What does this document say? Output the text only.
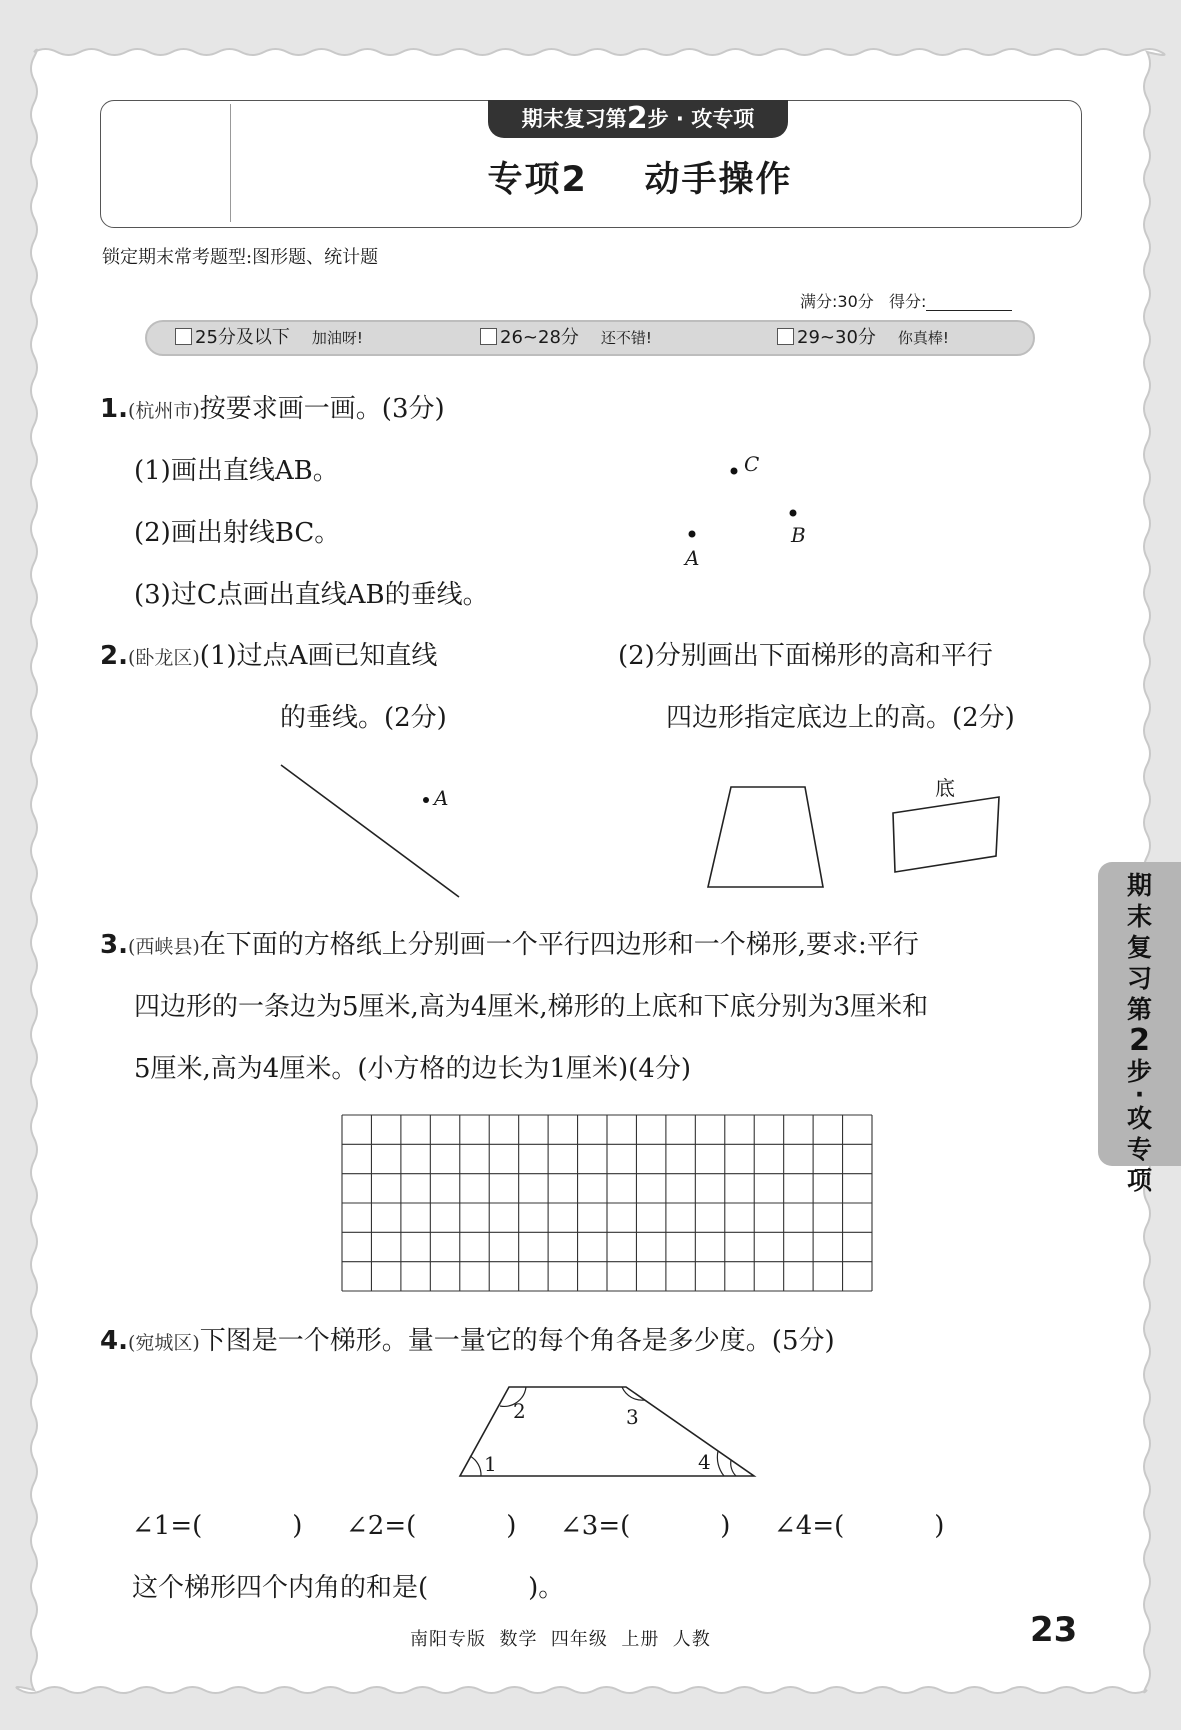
期末复习第2步 · 攻专项
专项2    动手操作
锁定期末常考题型:图形题、统计题
满分:30分 得分:
25分及以下 加油呀!	26~28分 还不错!	29~30分 你真棒!
1.(杭州市)按要求画一画。(3分)
(1)画出直线AB。
(2)画出射线BC。
(3)过C点画出直线AB的垂线。
C
B
A
2.(卧龙区)(1)过点A画已知直线
的垂线。(2分)
(2)分别画出下面梯形的高和平行
四边形指定底边上的高。(2分)
A	底
3.(西峡县)在下面的方格纸上分别画一个平行四边形和一个梯形,要求:平行
四边形的一条边为5厘米,高为4厘米,梯形的上底和下底分别为3厘米和
5厘米,高为4厘米。(小方格的边长为1厘米)(4分)
4.(宛城区)下图是一个梯形。量一量它的每个角各是多少度。(5分)
2	3
1	4
∠1=(	) ∠2=(	) ∠3=(	) ∠4=(	)
这个梯形四个内角的和是(	)。
期
末
复
习
第
2
步
·
攻
专
项
南阳专版  数学  四年级  上册  人教	23
